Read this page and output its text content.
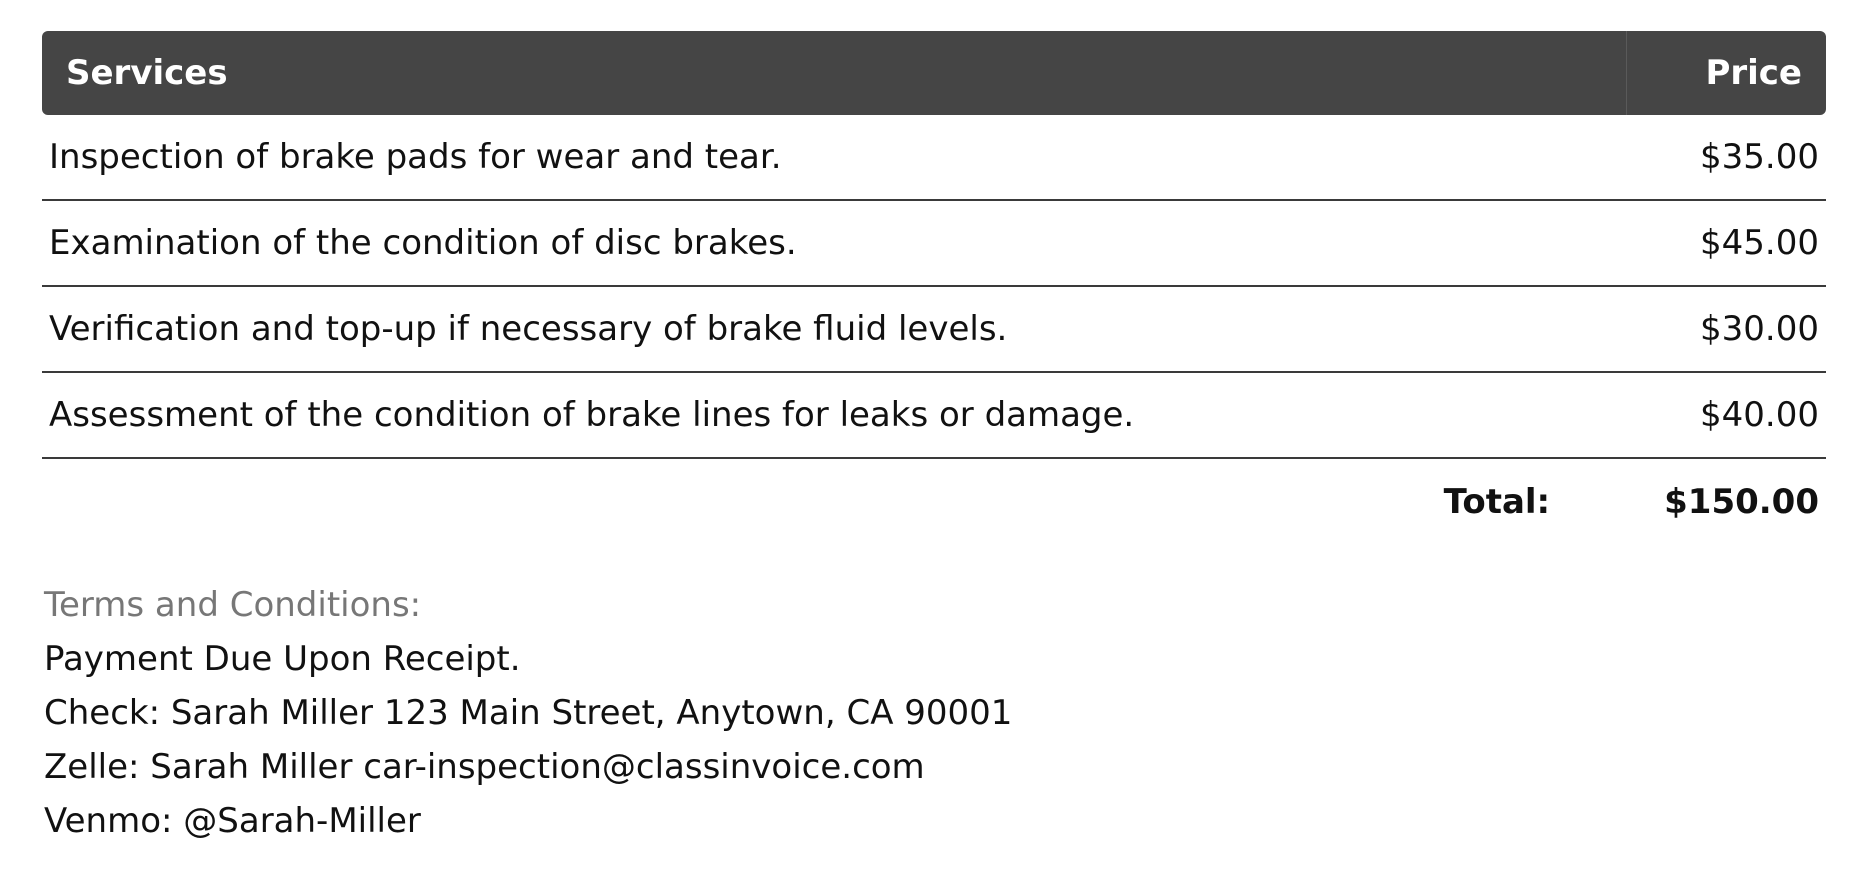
Services	Price
Inspection of brake pads for wear and tear.	$35.00
Examination of the condition of disc brakes.	$45.00
Verification and top-up if necessary of brake fluid levels.	$30.00
Assessment of the condition of brake lines for leaks or damage.	$40.00
Total:	$150.00
Terms and Conditions:
Payment Due Upon Receipt.
Check: Sarah Miller 123 Main Street, Anytown, CA 90001
Zelle: Sarah Miller car-inspection@classinvoice.com
Venmo: @Sarah-Miller
